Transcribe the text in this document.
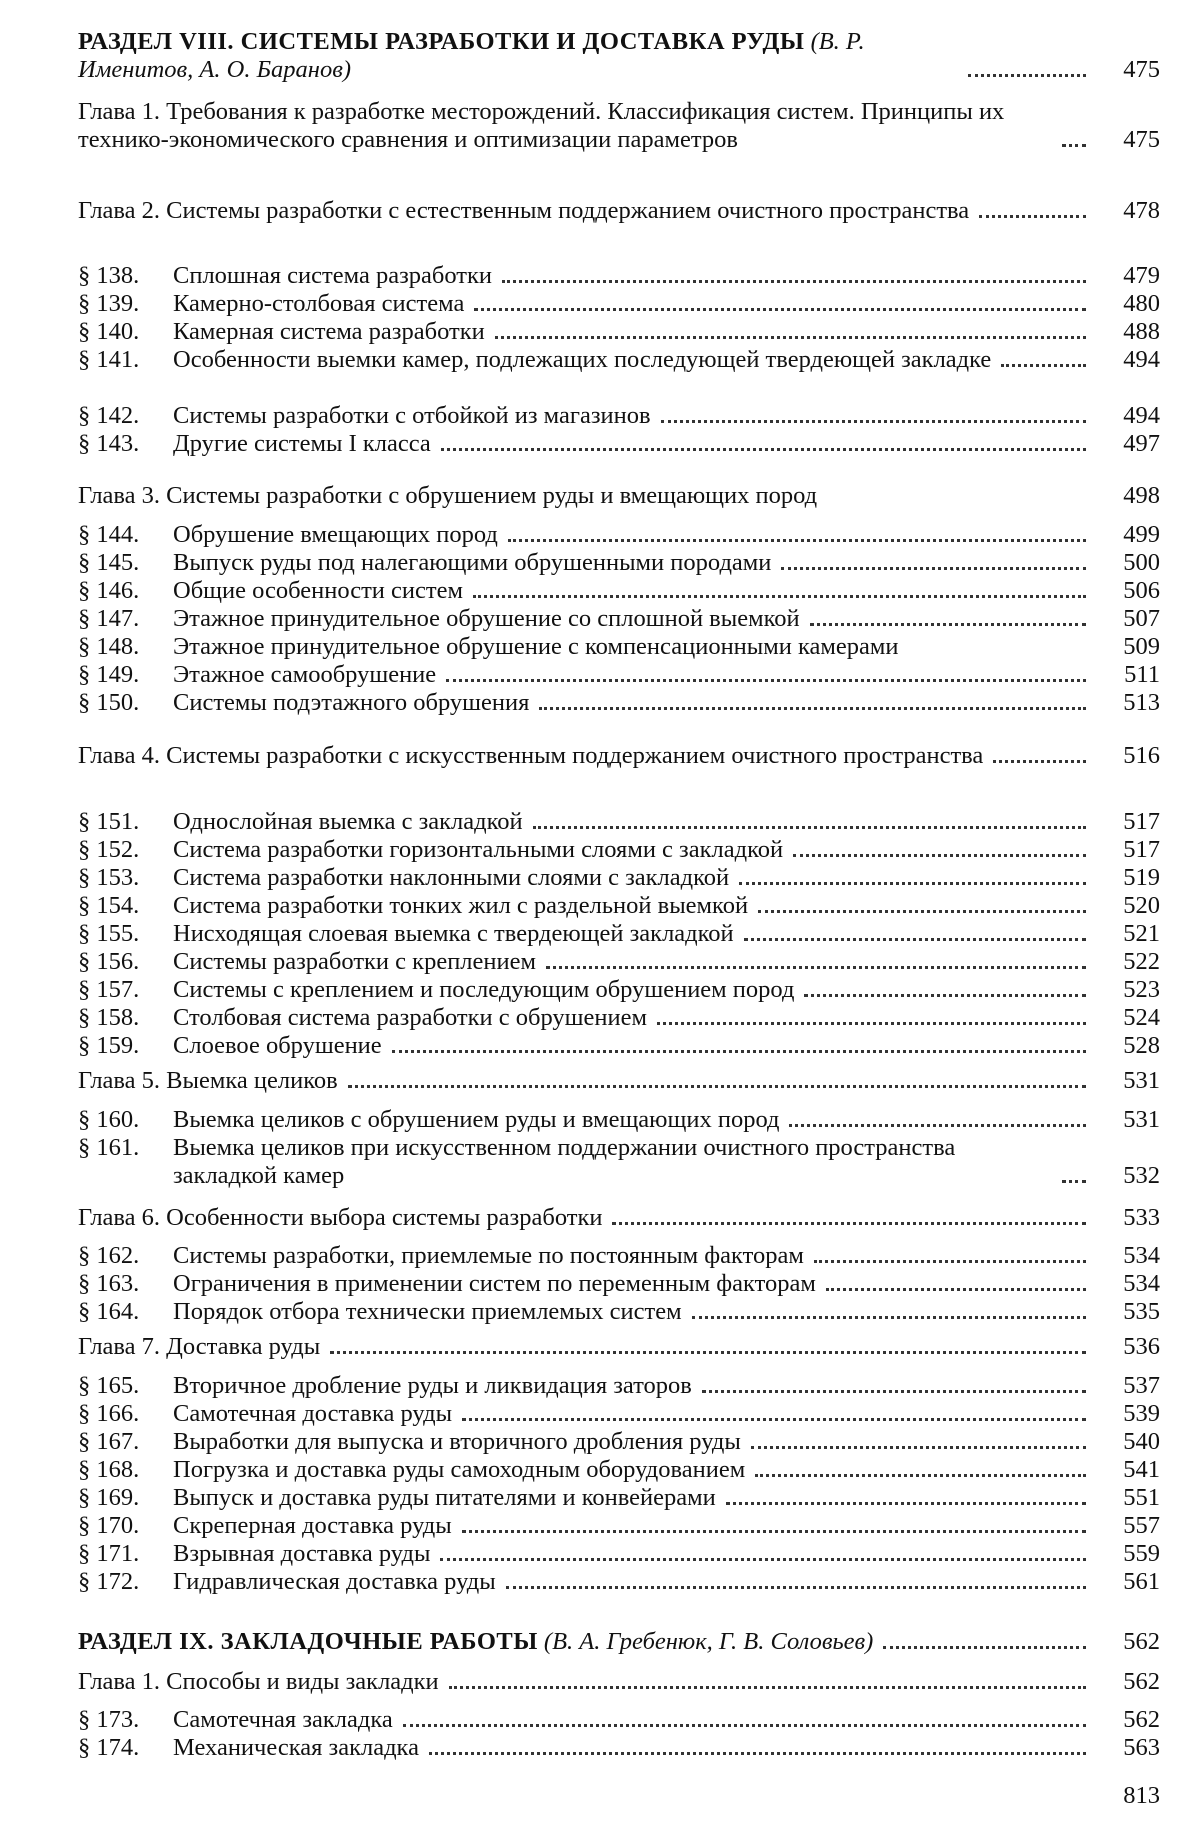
РАЗДЕЛ VIII. СИСТЕМЫ РАЗРАБОТКИ И ДОСТАВКА РУДЫ (В. Р. Именитов, А. О. Баранов)	475
Глава 1. Требования к разработке месторождений. Классификация систем. Принципы их технико-экономического сравнения и оптимизации параметров	475
Глава 2. Системы разработки с естественным поддержанием очистного пространства	478
§ 138.	Сплошная система разработки	479
§ 139.	Камерно-столбовая система	480
§ 140.	Камерная система разработки	488
§ 141.	Особенности выемки камер, подлежащих последующей твердеющей закладке	494
§ 142.	Системы разработки с отбойкой из магазинов	494
§ 143.	Другие системы I класса	497
Глава 3. Системы разработки с обрушением руды и вмещающих пород	498
§ 144.	Обрушение вмещающих пород	499
§ 145.	Выпуск руды под налегающими обрушенными породами	500
§ 146.	Общие особенности систем	506
§ 147.	Этажное принудительное обрушение со сплошной выемкой	507
§ 148.	Этажное принудительное обрушение с компенсационными камерами	509
§ 149.	Этажное самообрушение	511
§ 150.	Системы подэтажного обрушения	513
Глава 4. Системы разработки с искусственным поддержанием очистного пространства	516
§ 151.	Однослойная выемка с закладкой	517
§ 152.	Система разработки горизонтальными слоями с закладкой	517
§ 153.	Система разработки наклонными слоями с закладкой	519
§ 154.	Система разработки тонких жил с раздельной выемкой	520
§ 155.	Нисходящая слоевая выемка с твердеющей закладкой	521
§ 156.	Системы разработки с креплением	522
§ 157.	Системы с креплением и последующим обрушением пород	523
§ 158.	Столбовая система разработки с обрушением	524
§ 159.	Слоевое обрушение	528
Глава 5. Выемка целиков	531
§ 160.	Выемка целиков с обрушением руды и вмещающих пород	531
§ 161.	Выемка целиков при искусственном поддержании очистного пространства закладкой камер	532
Глава 6. Особенности выбора системы разработки	533
§ 162.	Системы разработки, приемлемые по постоянным факторам	534
§ 163.	Ограничения в применении систем по переменным факторам	534
§ 164.	Порядок отбора технически приемлемых систем	535
Глава 7. Доставка руды	536
§ 165.	Вторичное дробление руды и ликвидация заторов	537
§ 166.	Самотечная доставка руды	539
§ 167.	Выработки для выпуска и вторичного дробления руды	540
§ 168.	Погрузка и доставка руды самоходным оборудованием	541
§ 169.	Выпуск и доставка руды питателями и конвейерами	551
§ 170.	Скреперная доставка руды	557
§ 171.	Взрывная доставка руды	559
§ 172.	Гидравлическая доставка руды	561
РАЗДЕЛ IX. ЗАКЛАДОЧНЫЕ РАБОТЫ (В. А. Гребенюк, Г. В. Соловьев)	562
Глава 1. Способы и виды закладки	562
§ 173.	Самотечная закладка	562
§ 174.	Механическая закладка	563
813
